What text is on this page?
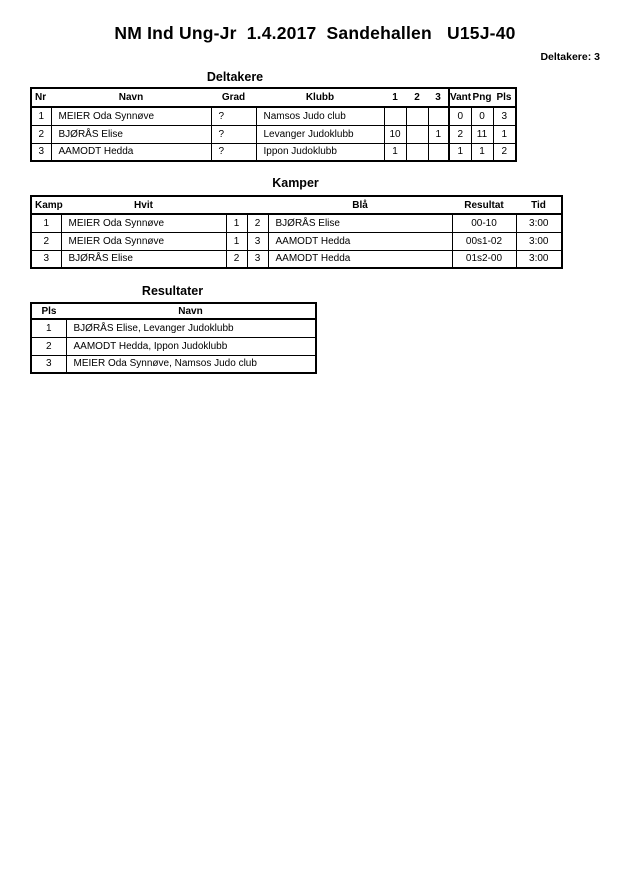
NM Ind Ung-Jr  1.4.2017  Sandehallen   U15J-40
Deltakere: 3
Deltakere
Nr	Navn	Grad	Klubb	1	2	3	Vant	Png	Pls
1	MEIER Oda Synnøve	?	Namsos Judo club				0	0	3
2	BJØRÅS Elise	?	Levanger Judoklubb	10		1	2	11	1
3	AAMODT Hedda	?	Ippon Judoklubb	1			1	1	2
Kamper
Kamp	Hvit			Blå	Resultat	Tid
1	MEIER Oda Synnøve	1	2	BJØRÅS Elise	00-10	3:00
2	MEIER Oda Synnøve	1	3	AAMODT Hedda	00s1-02	3:00
3	BJØRÅS Elise	2	3	AAMODT Hedda	01s2-00	3:00
Resultater
Pls	Navn
1	BJØRÅS Elise, Levanger Judoklubb
2	AAMODT Hedda, Ippon Judoklubb
3	MEIER Oda Synnøve, Namsos Judo club
